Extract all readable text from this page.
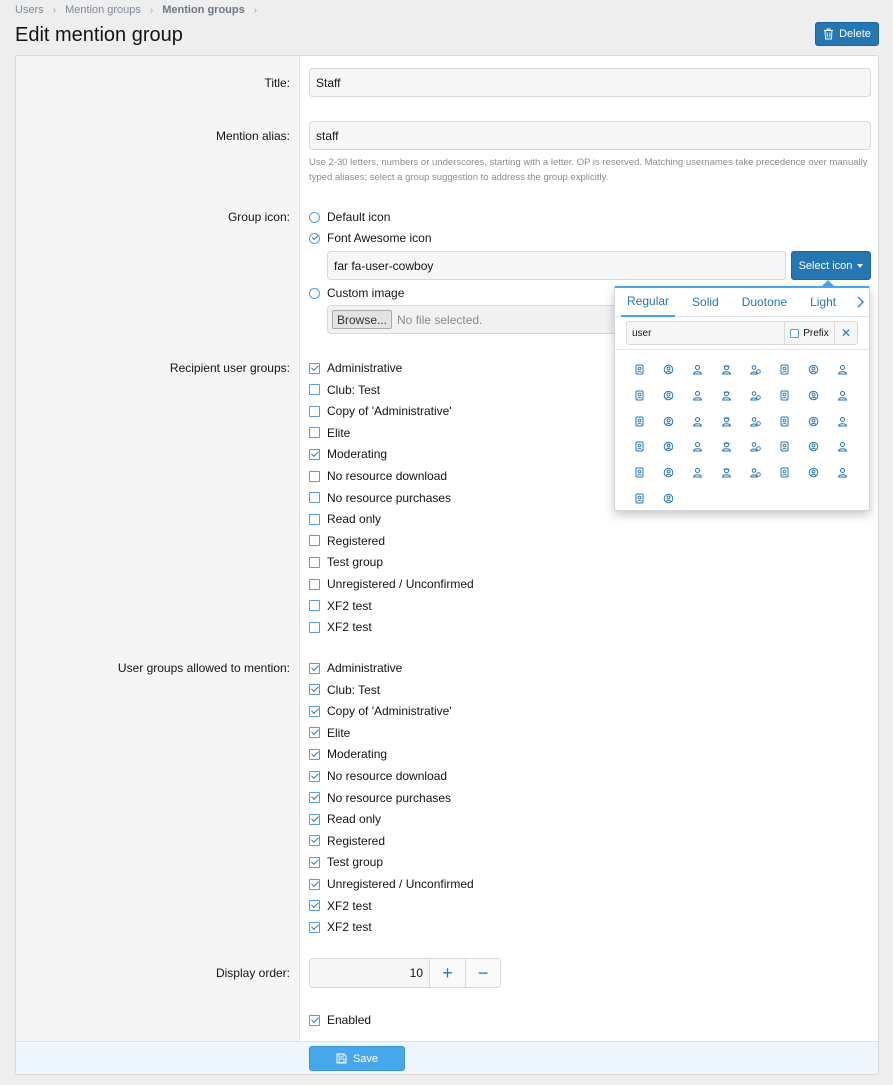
Users › Mention groups › Mention groups ›
Edit mention group	Delete
Title:	Staff
Mention alias:	staff
Use 2-30 letters, numbers or underscores, starting with a letter. OP is reserved. Matching usernames take precedence over manually typed aliases; select a group suggestion to address the group explicitly.
Group icon:	Default icon
Font Awesome icon
far fa-user-cowboy	Select icon
Custom image
Browse... No file selected.
Recipient user groups:	Administrative
Club: Test
Copy of 'Administrative'
Elite
Moderating
No resource download
No resource purchases
Read only
Registered
Test group
Unregistered / Unconfirmed
XF2 test
XF2 test
User groups allowed to mention:	Administrative
Club: Test
Copy of 'Administrative'
Elite
Moderating
No resource download
No resource purchases
Read only
Registered
Test group
Unregistered / Unconfirmed
XF2 test
XF2 test
Display order:	10	+	−
Enabled
Save
Regular	Solid	Duotone	Light
user	Prefix	✕
